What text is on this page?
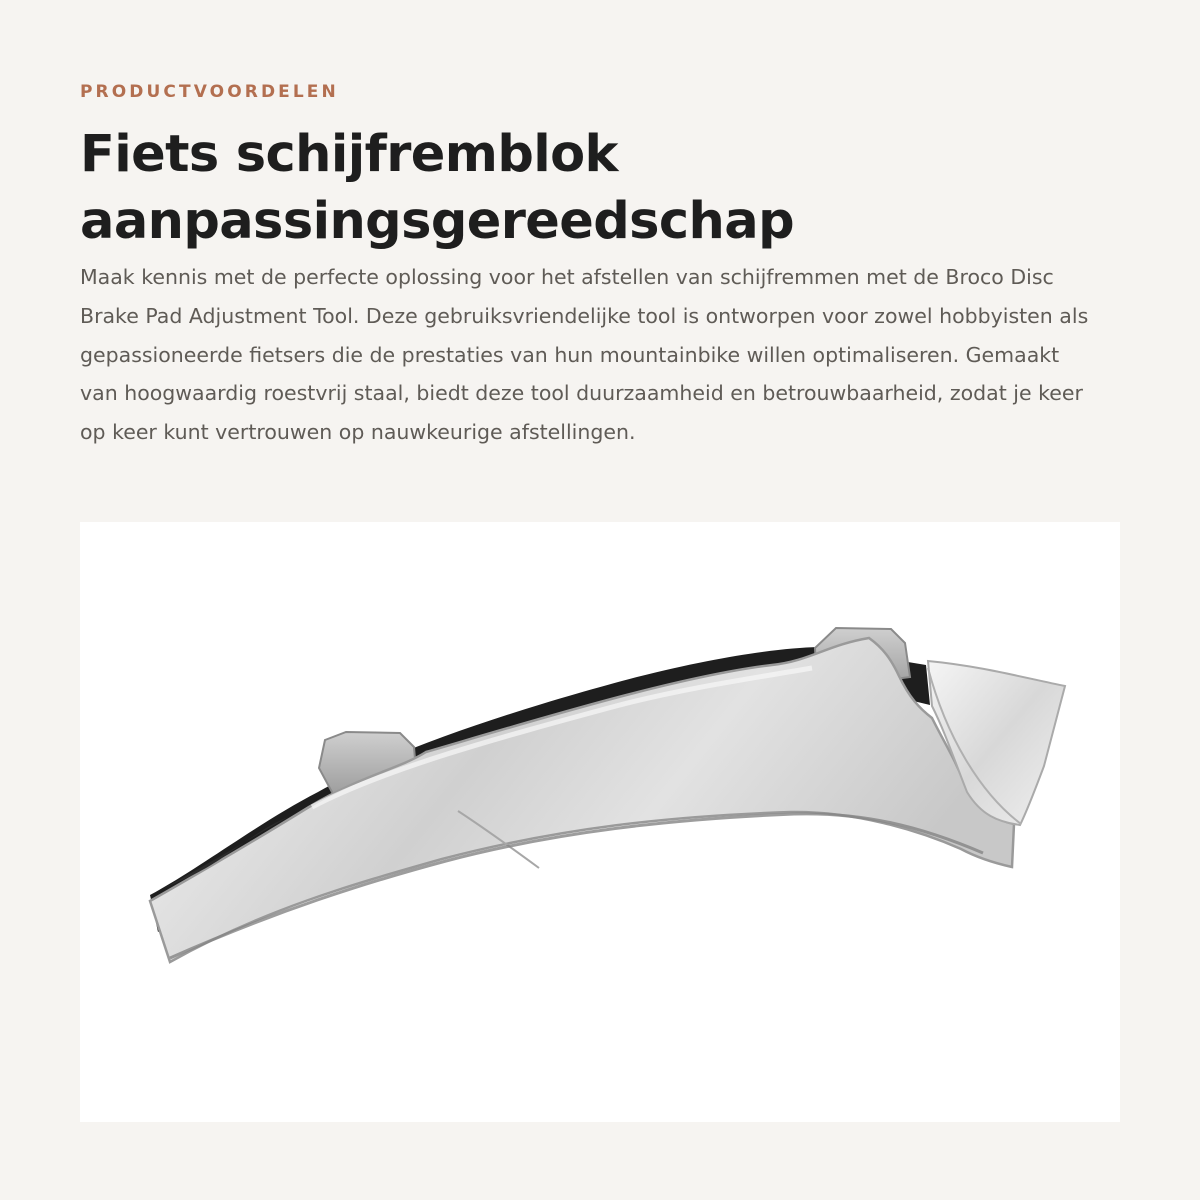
PRODUCTVOORDELEN

Fiets schijfremblok
aanpassingsgereedschap

Maak kennis met de perfecte oplossing voor het afstellen van schijfremmen met de Broco Disc Brake Pad Adjustment Tool. Deze gebruiksvriendelijke tool is ontworpen voor zowel hobbyisten als gepassioneerde fietsers die de prestaties van hun mountainbike willen optimaliseren. Gemaakt van hoogwaardig roestvrij staal, biedt deze tool duurzaamheid en betrouwbaarheid, zodat je keer op keer kunt vertrouwen op nauwkeurige afstellingen.
